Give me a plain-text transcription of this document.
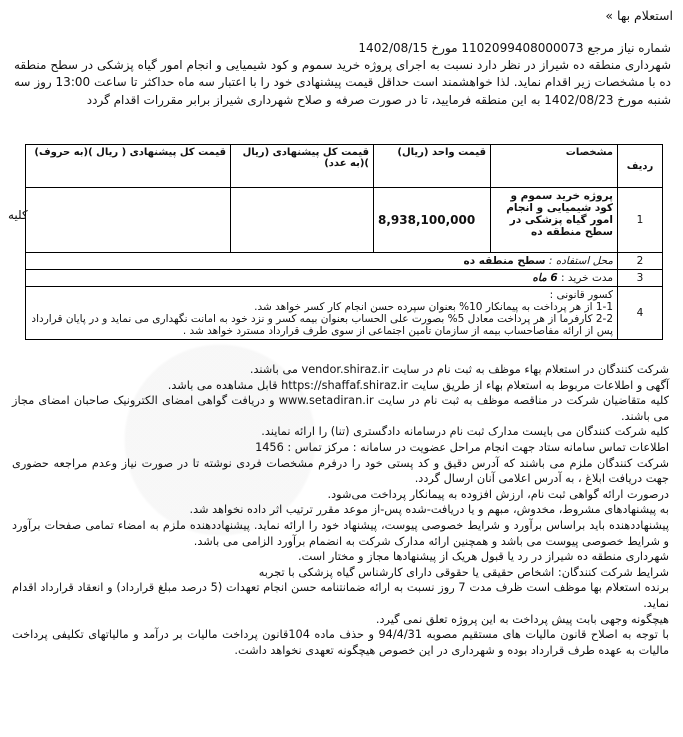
استعلام بها »

شماره نیاز مرجع 1102099408000073 مورخ 1402/08/15

شهرداری منطقه ده شیراز در نظر دارد نسبت به اجرای پروژه خرید سموم و کود شیمیایی و انجام امور گیاه پزشکی در سطح منطقه ده با مشخصات زیر اقدام نماید. لذا خواهشمند است حداقل قیمت پیشنهادی خود را با اعتبار سه ماه حداکثر تا ساعت 13:00 روز سه شنبه مورخ 1402/08/23 به این منطقه فرمایید، تا در صورت صرفه و صلاح شهرداری شیراز برابر مقررات اقدام گردد

ردیف	مشخصات	قیمت واحد (ریال)	قیمت کل پیشنهادی (ریال )(به عدد)	قیمت کل پیشنهادی ( ریال )(به حروف)
1	پروژه خرید سموم و کود شیمیایی و انجام امور گیاه پزشکی در سطح منطقه ده	8,938,100,000		
2	محل استفاده : سطح منطقه ده			
3	مدت خرید : 6 ماه			
4	کسور قانونی :
1-1 از هر پرداخت به پیمانکار 10% بعنوان سپرده حسن انجام کار کسر خواهد شد.
2-2 کارفرما از هر پرداخت معادل 5% بصورت علی الحساب بعنوان بیمه کسر و نزد خود به امانت نگهداری می نماید و در پایان قرارداد پس از ارائه مفاصاحساب بیمه از سازمان تامین اجتماعی از سوی طرف قرارداد مسترد خواهد شد .			
کلیه

شرکت کنندگان در استعلام بهاء موظف به ثبت نام در سایت vendor.shiraz.ir می باشند.

آگهی و اطلاعات مربوط به استعلام بهاء از طریق سایت https://shaffaf.shiraz.ir قابل مشاهده می باشد.

کلیه متقاضیان شرکت در مناقصه موظف به ثبت نام در سایت www.setadiran.ir و دریافت گواهی امضای الکترونیک صاحبان امضای مجاز می باشند.

کلیه شرکت کنندگان می بایست مدارک ثبت نام درسامانه دادگستری (تنا) را ارائه نمایند.

اطلاعات تماس سامانه ستاد جهت انجام مراحل عضویت در سامانه : مرکز تماس : 1456

شرکت کنندگان ملزم می باشند که آدرس دقیق و کد پستی خود را درفرم مشخصات فردی نوشته تا در صورت نیاز وعدم مراجعه حضوری جهت دریافت ابلاغ ، به آدرس اعلامی آنان ارسال گردد.

درصورت ارائه گواهی ثبت نام، ارزش افزوده به پیمانکار پرداخت می‌شود.

به پیشنهادهای مشروط، مخدوش، مبهم و یا دریافت-شده پس-از موعد مقرر ترتیب اثر داده نخواهد شد.

پیشنهاددهنده باید براساس برآورد و شرایط خصوصی پیوست، پیشنهاد خود را ارائه نماید. پیشنهاددهنده ملزم به امضاء تمامی صفحات برآورد و شرایط خصوصی پیوست می باشد و همچنین ارائه مدارک شرکت به انضمام برآورد الزامی می باشد.

شهرداری منطقه ده شیراز در رد یا قبول هریک از پیشنهادها مجاز و مختار است.

شرایط شرکت کنندگان: اشخاص حقیقی یا حقوقی دارای کارشناس گیاه پزشکی با تجربه

برنده استعلام بها موظف است ظرف مدت 7 روز نسبت به ارائه ضمانتنامه حسن انجام تعهدات (5 درصد مبلغ قرارداد) و انعقاد قرارداد اقدام نماید.

هیچگونه وجهی بابت پیش پرداخت به این پروژه تعلق نمی گیرد.

با توجه به اصلاح قانون مالیات های مستقیم مصوبه 94/4/31 و حذف ماده 104قانون پرداخت مالیات بر درآمد و مالیاتهای تکلیفی پرداخت مالیات به عهده طرف قرارداد بوده و شهرداری در این خصوص هیچگونه تعهدی نخواهد داشت.
